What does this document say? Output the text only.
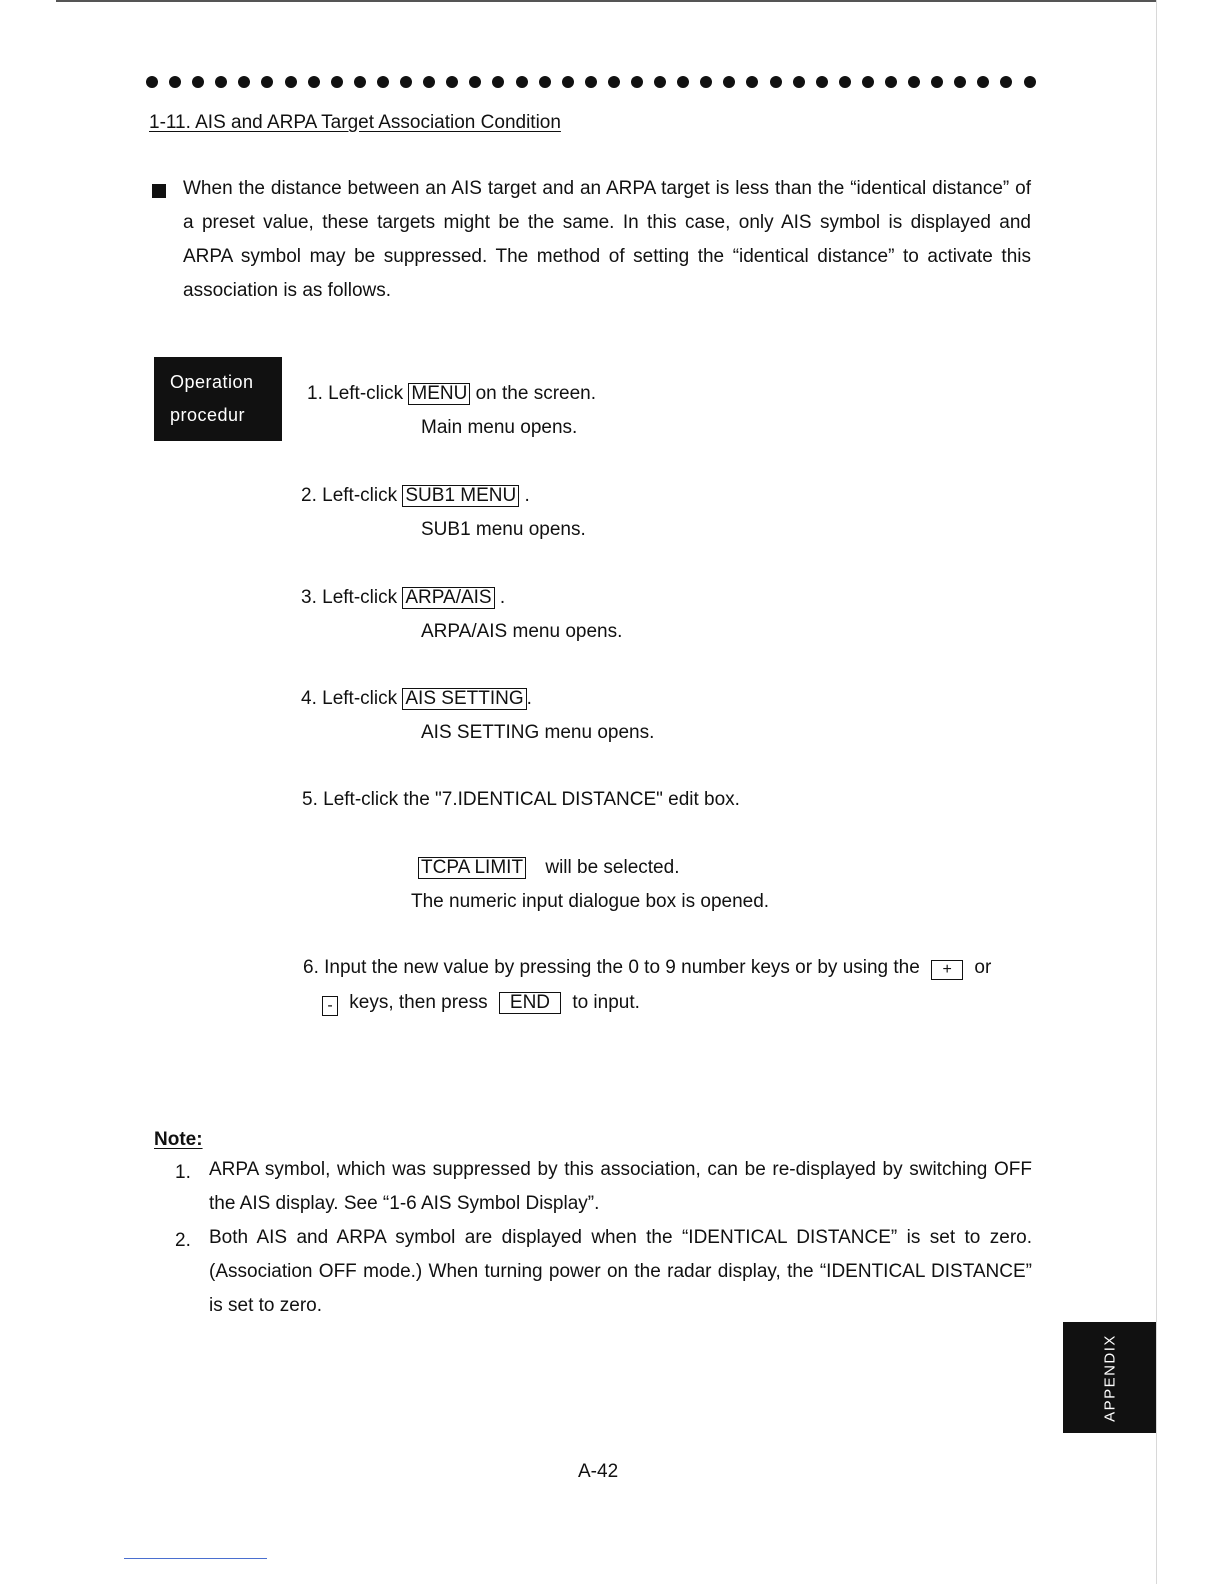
1-11. AIS and ARPA Target Association Condition

When the distance between an AIS target and an ARPA target is less than the “identical distance” of a preset value, these targets might be the same. In this case, only AIS symbol is displayed and ARPA symbol may be suppressed. The method of setting the “identical distance” to activate this association is as follows.

Operation
procedur
1. Left-click MENU on the screen.
Main menu opens.
2. Left-click SUB1 MENU .
SUB1 menu opens.
3. Left-click ARPA/AIS .
ARPA/AIS menu opens.
4. Left-click AIS SETTING .
AIS SETTING menu opens.
5. Left-click the "7.IDENTICAL DISTANCE" edit box.
TCPA LIMIT will be selected.
The numeric input dialogue box is opened.
6. Input the new value by pressing the 0 to 9 number keys or by using the + or
- keys, then press END to input.
Note:
1. ARPA symbol, which was suppressed by this association, can be re-displayed by switching OFF the AIS display. See “1-6 AIS Symbol Display”.

2. Both AIS and ARPA symbol are displayed when the “IDENTICAL DISTANCE” is set to zero. (Association OFF mode.) When turning power on the radar display, the “IDENTICAL DISTANCE” is set to zero.

APPENDIX
A-42
